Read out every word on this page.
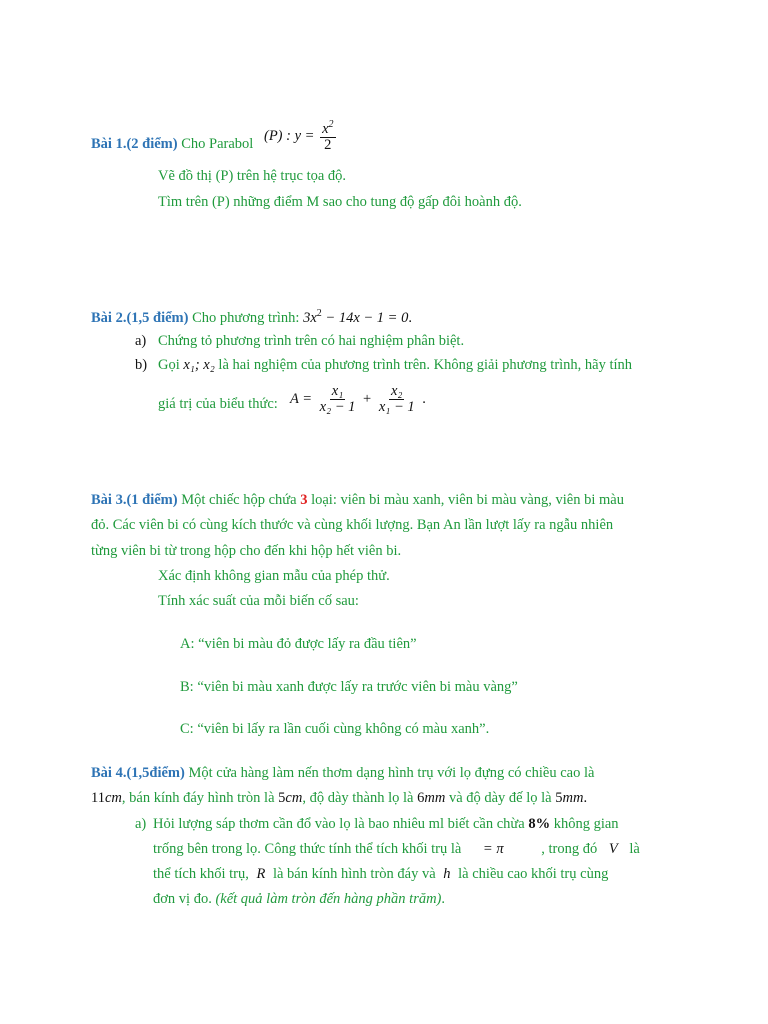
Bài 1.(2 điểm) Cho Parabol
(P) : $y = \frac{x^2}{2}$
Vẽ đồ thị (P) trên hệ trục tọa độ.
Tìm trên (P) những điểm M sao cho tung độ gấp đôi hoành độ.
Bài 2.(1,5 điểm) Cho phương trình: $3x^2 - 14x - 1 = 0$.
a) Chứng tỏ phương trình trên có hai nghiệm phân biệt.
b) Gọi x₁; x₂ là hai nghiệm của phương trình trên. Không giải phương trình, hãy tính
giá trị của biểu thức: $A = \frac{\text{x₁}}{\text{x₂ − 1}} + \frac{\text{x₂}}{\text{x₁ − 1}}$ .
Bài 3.(1 điểm) Một chiếc hộp chứa 3 loại: viên bi màu xanh, viên bi màu vàng, viên bi màu
đỏ. Các viên bi có cùng kích thước và cùng khối lượng. Bạn An lần lượt lấy ra ngẫu nhiên
từng viên bi từ trong hộp cho đến khi hộp hết viên bi.
Xác định không gian mẫu của phép thử.
Tính xác suất của mỗi biến cố sau:
A: “viên bi màu đỏ được lấy ra đầu tiên”
B: “viên bi màu xanh được lấy ra trước viên bi màu vàng”
C: “viên bi lấy ra lần cuối cùng không có màu xanh”.
Bài 4.(1,5điểm) Một cửa hàng làm nến thơm dạng hình trụ với lọ đựng có chiều cao là
11cm, bán kính đáy hình tròn là 5cm, độ dày thành lọ là 6mm và độ dày đế lọ là 5mm.
a) Hỏi lượng sáp thơm cần đổ vào lọ là bao nhiêu ml biết cần chừa 8% không gian
trống bên trong lọ. Công thức tính thể tích khối trụ là = π	, trong đó V là
thể tích khối trụ, R là bán kính hình tròn đáy và h là chiều cao khối trụ cùng
đơn vị đo. (kết quả làm tròn đến hàng phần trăm).
